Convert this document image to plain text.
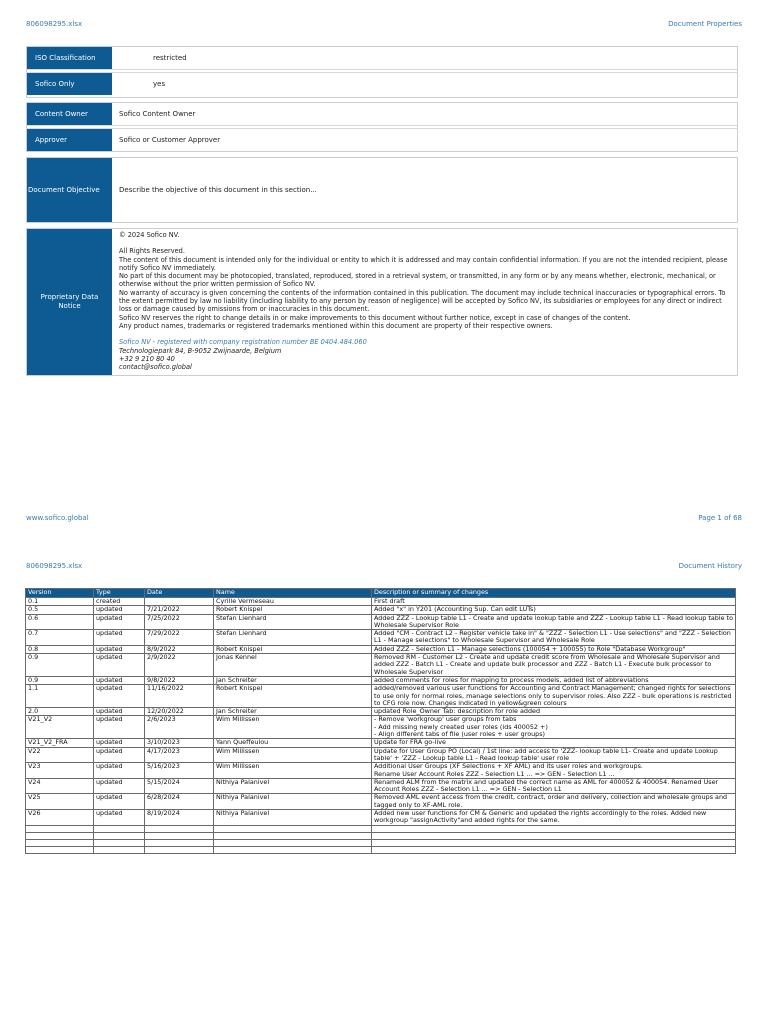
806098295.xlsx	Document Properties
ISO Classification	restricted
Sofico Only	yes
Content Owner	Sofico Content Owner
Approver	Sofico or Customer Approver
Document Objective	Describe the objective of this document in this section...
Proprietary Data Notice
© 2024 Sofico NV.
All Rights Reserved.
The content of this document is intended only for the individual or entity to which it is addressed and may contain confidential information. If you are not the intended recipient, please notify Sofico NV immediately.
No part of this document may be photocopied, translated, reproduced, stored in a retrieval system, or transmitted, in any form or by any means whether, electronic, mechanical, or otherwise without the prior written permission of Sofico NV.
No warranty of accuracy is given concerning the contents of the information contained in this publication. The document may include technical inaccuracies or typographical errors. To the extent permitted by law no liability (including liability to any person by reason of negligence) will be accepted by Sofico NV, its subsidiaries or employees for any direct or indirect loss or damage caused by omissions from or inaccuracies in this document.
Sofico NV reserves the right to change details in or make improvements to this document without further notice, except in case of changes of the content.
Any product names, trademarks or registered trademarks mentioned within this document are property of their respective owners.
Sofico NV - registered with company registration number BE 0404.484.060
Technologiepark 84, B-9052 Zwijnaarde, Belgium
+32 9 210 80 40
contact@sofico.global
www.sofico.global	Page 1 of 68
806098295.xlsx	Document History
Version	Type	Date	Name	Description or summary of changes
0.1	created		Cyrille Vermeseau	First draft
0.5	updated	7/21/2022	Robert Knispel	Added "x" in Y201 (Accounting Sup. Can edit LUTs)
0.6	updated	7/25/2022	Stefan Lienhard	Added ZZZ - Lookup table L1 - Create and update lookup table and ZZZ - Lookup table L1 - Read lookup table to Wholesale Supervisor Role
0.7	updated	7/29/2022	Stefan Lienhard	Added "CM - Contract L2 - Register vehicle take in" & "ZZZ - Selection L1 - Use selections" and "ZZZ - Selection L1 - Manage selections" to Wholesale Supervisor and Wholesale Role
0.8	updated	8/9/2022	Robert Knispel	Added ZZZ - Selection L1 - Manage selections (100054 + 100055) to Role "Database Workgroup"
0.9	updated	2/9/2022	Jonas Kennel	Removed RM - Customer L2 - Create and update credit score from Wholesale and Wholesale Supervisor and added ZZZ - Batch L1 - Create and update bulk processor and ZZZ - Batch L1 - Execute bulk processor to Wholesale Supervisor
0.9	updated	9/8/2022	Jan Schreiter	added comments for roles for mapping to process models, added list of abbreviations
1.1	updated	11/16/2022	Robert Knispel	added/removed various user functions for Accounting and Contract Management; changed rights for selections to use only for normal roles, manage selections only to supervisor roles. Also ZZZ - bulk operations is restricted to CFG role now. Changes indicated in yellow&green colours
2.0	updated	12/20/2022	Jan Schreiter	updated Role_Owner Tab: description for role added
V21_V2	updated	2/6/2023	Wim Millissen	- Remove 'workgroup' user groups from tabs
- Add missing newly created user roles (ids 400052 +)
- Align different tabs of file (user roles + user groups)
V21_V2_FRA	updated	3/10/2023	Yann Queffeulou	Update for FRA go-live
V22	updated	4/17/2023	Wim Millissen	Update for User Group PO (Local) / 1st line: add access to 'ZZZ- lookup table L1- Create and update Lookup table' + 'ZZZ - Lookup table L1 - Read lookup table' user role
V23	updated	5/16/2023	Wim Millissen	Additional User Groups (XF Selections + XF AML) and its user roles and workgroups.
Rename User Account Roles ZZZ - Selection L1 ... => GEN - Selection L1 ...
V24	updated	5/15/2024	Nithiya Palanivel	Renamed ALM from the matrix and updated the correct name as AML for 400052 & 400054. Renamed User Account Roles ZZZ - Selection L1 ... => GEN - Selection L1
V25	updated	6/28/2024	Nithiya Palanivel	Removed AML event access from the credit, contract, order and delivery, collection and wholesale groups and tagged only to XF-AML role.
V26	updated	8/19/2024	Nithiya Palanivel	Added new user functions for CM & Generic and updated the rights accordingly to the roles. Added new workgroup "assignActivity"and added rights for the same.
